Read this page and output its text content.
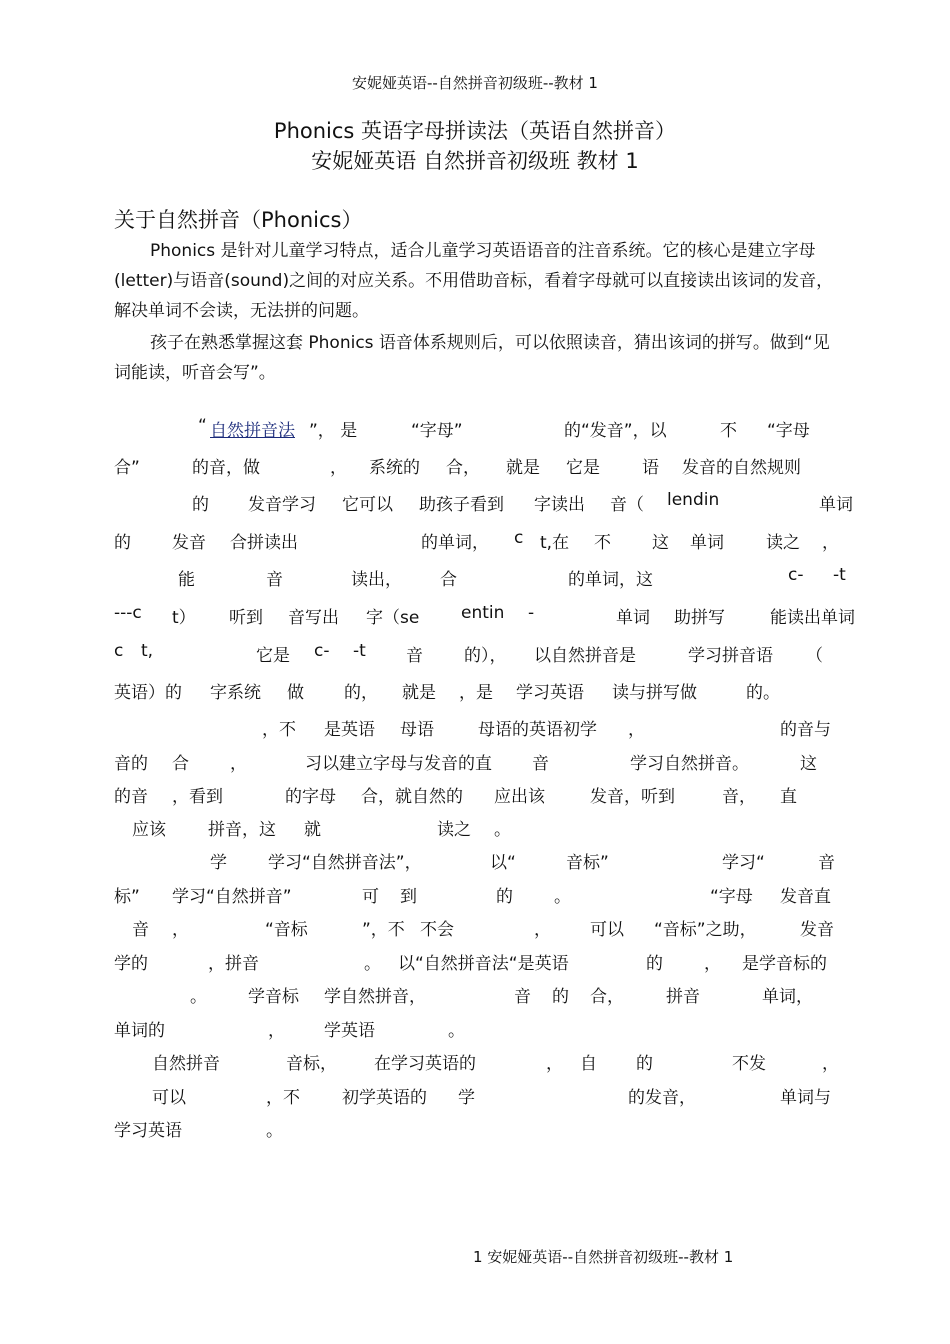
安妮娅英语--自然拼音初级班--教材 1
Phonics 英语字母拼读法（英语自然拼音）
安妮娅英语 自然拼音初级班 教材 1
关于自然拼音（Phonics）

Phonics 是针对儿童学习特点，适合儿童学习英语语音的注音系统。它的核心是建立字母(letter)与语音(sound)之间的对应关系。不用借助音标，看着字母就可以直接读出该词的发音，解决单词不会读，无法拼的问题。

孩子在熟悉掌握这套 Phonics 语音体系规则后，可以依照读音，猜出该词的拼写。做到“见词能读，听音会写”。

“ 自然拼音法 ”， 是	“字母”	的“发音”，以	不 “字母
合”	的音，做	， 系统的 合， 就是 它是 语 发音的自然规则
的 发音学习 它可以 助孩子看到 字读出 音（ lendin	单词
的 发音 合拼读出	的单词， c t,在 不 这 单词 读之 ，
能	音	读出， 合	的单词，这	c- -t
---c t） 听到 音写出 字（se entin -	单词 助拼写	能读出单词
c t,	它是 c- -t 音 的）， 以自然拼音是	学习拼音语 （
英语）的 字系统 做 的， 就是 ，是 学习英语 读与拼写做	的。
，不 是英语 母语	母语的英语初学 ，	的音与
音的 合 ，	习以建立字母与发音的直 音	学习自然拼音。	这
的音 ，看到	的字母 合，就自然的 应出该	发音，听到	音， 直
应该 拼音，这 就	读之 。
学 学习“自然拼音法”，	以“	音标”	学习“	音
标” 学习“自然拼音”	可 到	的 。	“字母 发音直
音 ，	“音标	”，不 不会	， 可以 “音标”之助，	发音
学的	，拼音	。 以“自然拼音法“是英语	的 ， 是学音标的
。 学音标 学自然拼音，	音 的 合， 拼音	单词，
单词的	， 学英语	。
自然拼音	音标， 在学习英语的	， 自 的	不发	，
可以	，不 初学英语的 学	的发音，	单词与
学习英语	。
1 安妮娅英语--自然拼音初级班--教材 1
